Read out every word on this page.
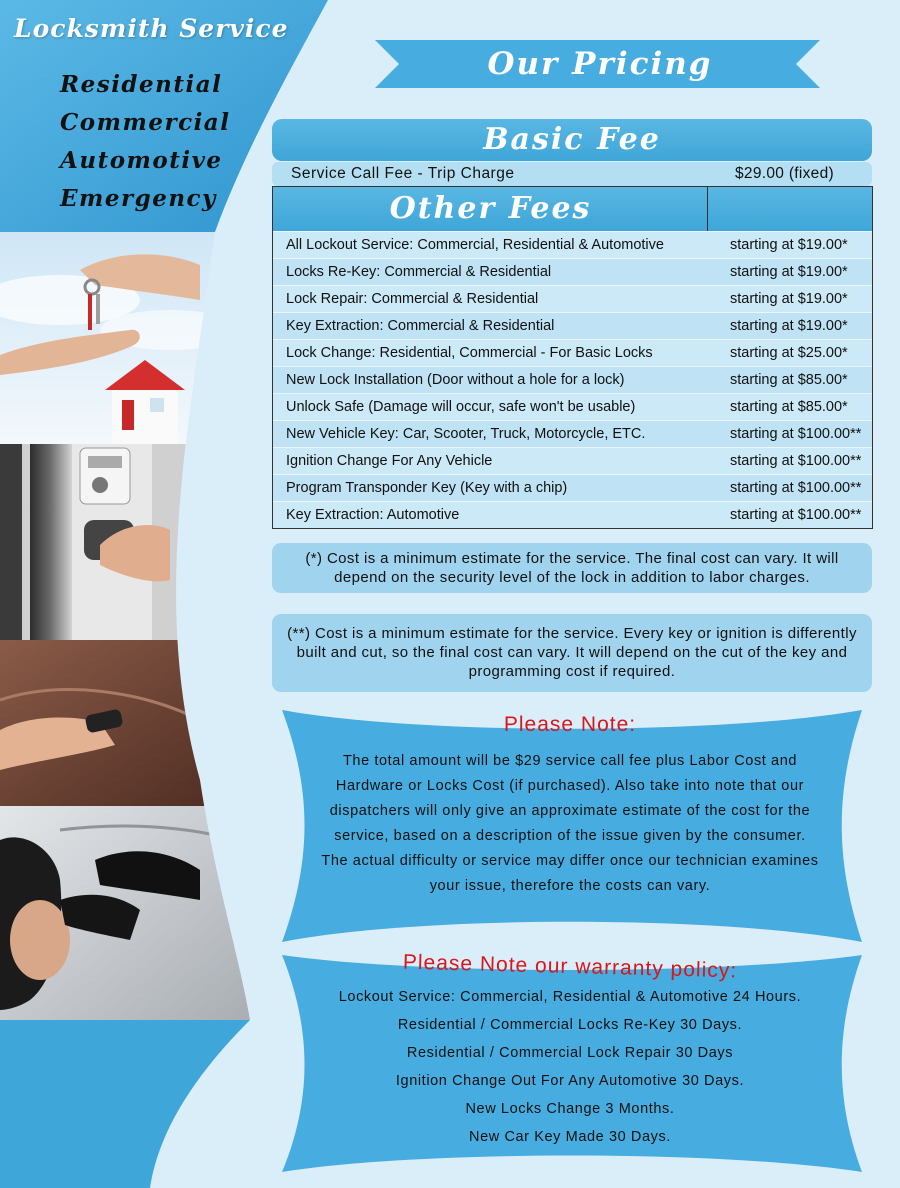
Locksmith Service
Residential
Commercial
Automotive
Emergency
Our Pricing
Basic Fee
Service Call Fee - Trip Charge	$29.00 (fixed)
Other Fees
All Lockout Service: Commercial, Residential & Automotive	starting at $19.00*
Locks Re-Key: Commercial & Residential	starting at $19.00*
Lock Repair: Commercial & Residential	starting at $19.00*
Key Extraction: Commercial & Residential	starting at $19.00*
Lock Change: Residential, Commercial - For Basic Locks	starting at $25.00*
New Lock Installation (Door without a hole for a lock)	starting at $85.00*
Unlock Safe (Damage will occur, safe won't be usable)	starting at $85.00*
New Vehicle Key: Car, Scooter, Truck, Motorcycle, ETC.	starting at $100.00**
Ignition Change For Any Vehicle	starting at $100.00**
Program Transponder Key (Key with a chip)	starting at $100.00**
Key Extraction: Automotive	starting at $100.00**
(*) Cost is a minimum estimate for the service. The final cost can vary. It will depend on the security level of the lock in addition to labor charges.
(**) Cost is a minimum estimate for the service. Every key or ignition is differently built and cut, so the final cost can vary. It will depend on the cut of the key and programming cost if required.
Please Note:
The total amount will be $29 service call fee plus Labor Cost and Hardware or Locks Cost (if purchased). Also take into note that our dispatchers will only give an approximate estimate of the cost for the service, based on a description of the issue given by the consumer. The actual difficulty or service may differ once our technician examines your issue, therefore the costs can vary.
Please Note our warranty policy:
Lockout Service: Commercial, Residential & Automotive 24 Hours.
Residential / Commercial Locks Re-Key 30 Days.
Residential / Commercial Lock Repair 30 Days
Ignition Change Out For Any Automotive 30 Days.
New Locks Change 3 Months.
New Car Key Made 30 Days.
